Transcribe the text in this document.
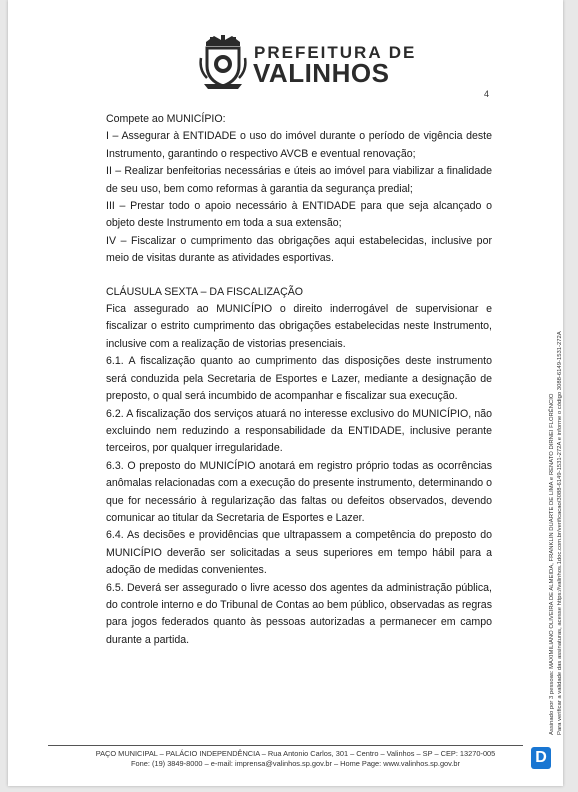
PREFEITURA DE
VALINHOS
4

Compete ao MUNICÍPIO:

I – Assegurar à ENTIDADE o uso do imóvel durante o período de vigência deste Instrumento, garantindo o respectivo AVCB e eventual renovação;

II – Realizar benfeitorias necessárias e úteis ao imóvel para viabilizar a finalidade de seu uso, bem como reformas à garantia da segurança predial;

III – Prestar todo o apoio necessário à ENTIDADE para que seja alcançado o objeto deste Instrumento em toda a sua extensão;

IV – Fiscalizar o cumprimento das obrigações aqui estabelecidas, inclusive por meio de visitas durante as atividades esportivas.

CLÁUSULA SEXTA – DA FISCALIZAÇÃO

Fica assegurado ao MUNICÍPIO o direito inderrogável de supervisionar e fiscalizar o estrito cumprimento das obrigações estabelecidas neste Instrumento, inclusive com a realização de vistorias presenciais.

6.1. A fiscalização quanto ao cumprimento das disposições deste instrumento será conduzida pela Secretaria de Esportes e Lazer, mediante a designação de preposto, o qual será incumbido de acompanhar e fiscalizar sua execução.

6.2. A fiscalização dos serviços atuará no interesse exclusivo do MUNICÍPIO, não excluindo nem reduzindo a responsabilidade da ENTIDADE, inclusive perante terceiros, por qualquer irregularidade.

6.3. O preposto do MUNICÍPIO anotará em registro próprio todas as ocorrências anômalas relacionadas com a execução do presente instrumento, determinando o que for necessário à regularização das faltas ou defeitos observados, devendo comunicar ao titular da Secretaria de Esportes e Lazer.

6.4. As decisões e providências que ultrapassem a competência do preposto do MUNICÍPIO deverão ser solicitadas a seus superiores em tempo hábil para a adoção de medidas convenientes.

6.5. Deverá ser assegurado o livre acesso dos agentes da administração pública, do controle interno e do Tribunal de Contas ao bem público, observadas as regras para jogos federados quanto às pessoas autorizadas a permanecer em campo durante a partida.

PAÇO MUNICIPAL – PALÁCIO INDEPENDÊNCIA – Rua Antonio Carlos, 301 – Centro – Valinhos – SP – CEP: 13270-005
Fone: (19) 3849-8000 – e-mail: imprensa@valinhos.sp.gov.br – Home Page: www.valinhos.sp.gov.br
Assinado por 3 pessoas: MAXIMILIANO OLIVEIRA DE ALMEIDA, FRANKLIN DUARTE DE LIMA e RENATO DIRNEI FLORÊNCIO Para verificar a validade das assinaturas, acesse https://valinhos.1doc.com.br/verificacao/3088-6149-1531-272A e informe o código 3088-6149-1531-272A
D
